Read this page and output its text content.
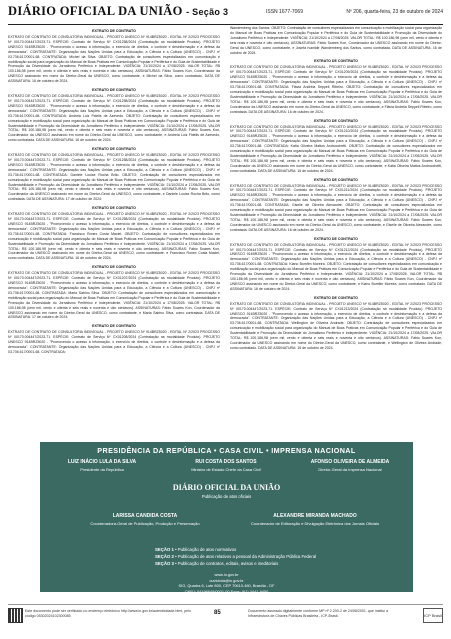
DIÁRIO OFICIAL DA UNIÃO - Seção 3	ISSN 1677-7069	Nº 206, quarta-feira, 23 de outubro de 2024
EXTRATO DE CONTRATO

EXTRATO DE CONTRATO DE CONSULTORIA INDIVIDUAL - PROJETO UNESCO Nº 914BRZ5020 - EDITAL Nº 2/2023 PROCESSO Nº 00170.004447/2023-71. ESPÉCIE: Contrato de Serviço Nº CX01258/2024 (Contratação na modalidade Produto). PROJETO UNESCO 914BRZ5020 - "Promovendo o acesso à informação, o exercício de direitos, o controle e desinformação e a defesa da democracia". CONTRATANTE: Organização das Nações Unidas para a Educação, a Ciência e a Cultura (UNESCO) - CNPJ nº 03.736.617/0001-68. CONTRATADA: Michel da Silva. OBJETO: Contratação de consultores especializados em comunicação e mobilização social para organização do Manual de Boas Práticas em Comunicação Popular e Periférica e do Guia de Sustentabilidade e Promoção da Diversidade do Jornalismo Periférico e Independente. VIGÊNCIA: 21/10/2024 a 17/08/2025. VALOR TOTAL: R$ 100.186,98 (cem mil, cento e oitenta e seis reais e noventa e oito centavos). ASSINATURAS: Fábio Soares Kon, Coordenador da UNESCO assinando em nome do Diretor-Geral da UNESCO, como contratante, e Michel da Silva, como contratado. DATA DE ASSINATURA: 16 de outubro de 2024.

EXTRATO DE CONTRATO

EXTRATO DE CONTRATO DE CONSULTORIA INDIVIDUAL - PROJETO UNESCO Nº 914BRZ5020 - EDITAL Nº 2/2023 PROCESSO Nº 00170.004447/2023-71. ESPÉCIE: Contrato de Serviço Nº CX01258/2024 (Contratação na modalidade Produto). PROJETO UNESCO 914BRZ5020 - "Promovendo o acesso à informação, o exercício de direitos, o controle e desinformação e a defesa da democracia". CONTRATANTE: Organização das Nações Unidas para a Educação, a Ciência e a Cultura (UNESCO) - CNPJ nº 03.736.617/0001-68. CONTRATADA: Andreia Luiz Fidelis de Azevedo. OBJETO: Contratação de consultores especializados em comunicação e mobilização social para organização do Manual de Boas Práticas em Comunicação Popular e Periférica e do Guia de Sustentabilidade e Promoção da Diversidade do Jornalismo Periférico e Independente. VIGÊNCIA: 21/10/2024 a 17/08/2025. VALOR TOTAL: R$ 100.186,98 (cem mil, cento e oitenta e seis reais e noventa e oito centavos). ASSINATURAS: Fábio Soares Kon, Coordenador da UNESCO assinando em nome do Diretor-Geral da UNESCO, como contratante, e Andreia Luiz Fidelis de Azevedo, como contratada. DATA DE ASSINATURA: 16 de outubro de 2024.

EXTRATO DE CONTRATO

EXTRATO DE CONTRATO DE CONSULTORIA INDIVIDUAL - PROJETO UNESCO Nº 914BRZ5020 - EDITAL Nº 2/2023 PROCESSO Nº 00170.004447/2023-71. ESPÉCIE: Contrato de Serviço Nº CX01258/2024 (Contratação na modalidade Produto). PROJETO UNESCO 914BRZ5020 - "Promovendo o acesso à informação, o exercício de direitos, o controle e desinformação e a defesa da democracia". CONTRATANTE: Organização das Nações Unidas para a Educação, a Ciência e a Cultura (UNESCO) - CNPJ nº 03.736.617/0001-68. CONTRATADA: Daniele Louise Rocha Brito. OBJETO: Contratação de consultores especializados em comunicação e mobilização social para organização do Manual de Boas Práticas em Comunicação Popular e Periférica e do Guia de Sustentabilidade e Promoção da Diversidade do Jornalismo Periférico e Independente. VIGÊNCIA: 21/10/2024 a 17/08/2025. VALOR TOTAL: R$ 100.186,98 (cem mil, cento e oitenta e seis reais e noventa e oito centavos). ASSINATURAS: Fábio Soares Kon, Coordenador da UNESCO assinando em nome do Diretor-Geral da UNESCO, como contratante, e Daniele Louise Rocha Brito, como contratada. DATA DE ASSINATURA: 17 de outubro de 2024.

EXTRATO DE CONTRATO

EXTRATO DE CONTRATO DE CONSULTORIA INDIVIDUAL - PROJETO UNESCO Nº 914BRZ5020 - EDITAL Nº 2/2023 PROCESSO Nº 00170.004447/2023-71. ESPÉCIE: Contrato de Serviço Nº CX01258/2024 (Contratação na modalidade Produto). PROJETO UNESCO 914BRZ5020 - "Promovendo o acesso à informação, o exercício de direitos, o controle e desinformação e a defesa da democracia". CONTRATANTE: Organização das Nações Unidas para a Educação, a Ciência e a Cultura (UNESCO) - CNPJ nº 03.736.617/0001-68. CONTRATADA: Francisco Ronex Costa Maciel. OBJETO: Contratação de consultores especializados em comunicação e mobilização social para organização do Manual de Boas Práticas em Comunicação Popular e Periférica e do Guia de Sustentabilidade e Promoção da Diversidade do Jornalismo Periférico e Independente. VIGÊNCIA: 21/10/2024 a 17/08/2025. VALOR TOTAL: R$ 100.186,98 (cem mil, cento e oitenta e seis reais e noventa e oito centavos). ASSINATURAS: Fábio Soares Kon, Coordenador da UNESCO assinando em nome do Diretor-Geral da UNESCO, como contratante, e Francisco Ronex Costa Maciel, como contratado. DATA DE ASSINATURA: 16 de outubro de 2024.

EXTRATO DE CONTRATO

EXTRATO DE CONTRATO DE CONSULTORIA INDIVIDUAL - PROJETO UNESCO Nº 914BRZ5020 - EDITAL Nº 2/2023 PROCESSO Nº 00170.004447/2023-71. ESPÉCIE: Contrato de Serviço Nº CX01207/2024 (Contratação na modalidade Produto). PROJETO UNESCO 914BRZ5020 - "Promovendo o acesso à informação, o exercício de direitos, o controle e desinformação e a defesa da democracia". CONTRATANTE: Organização das Nações Unidas para a Educação, a Ciência e a Cultura (UNESCO) - CNPJ nº 03.736.617/0001-68. CONTRATADA: Maria Sabino Silva. OBJETO: Contratação de consultores especializados em comunicação e mobilização social para organização do Manual de Boas Práticas em Comunicação Popular e Periférica e do Guia de Sustentabilidade e Promoção da Diversidade do Jornalismo Periférico e Independente. VIGÊNCIA: 21/10/2024 a 17/08/2025. VALOR TOTAL: R$ 100.186,98 (cem mil, cento e oitenta e seis reais e noventa e oito centavos). ASSINATURAS: Fábio Soares Kon, Coordenador da UNESCO assinando em nome do Diretor-Geral da UNESCO, como contratante, e Maria Sabino Silva, como contratada. DATA DE ASSINATURA: 17 de outubro de 2024.

EXTRATO DE CONTRATO

EXTRATO DE CONTRATO DE CONSULTORIA INDIVIDUAL - PROJETO UNESCO Nº 914BRZ5020 - EDITAL Nº 2/2023 PROCESSO Nº 00170.004447/2023-71. ESPÉCIE: Contrato de Serviço Nº CX01208/2024 (Contratação na modalidade Produto). PROJETO UNESCO 914BRZ5020 - "Promovendo o acesso à informação, o exercício de direitos, o controle e desinformação e a defesa da democracia". CONTRATANTE: Organização das Nações Unidas para a Educação, a Ciência e a Cultura (UNESCO) - CNPJ nº 03.736.617/0001-68. CONTRATADA:

Wandemberg dos Santos. OBJETO: Contratação de consultores especializados em comunicação e mobilização social para organização do Manual de Boas Práticas em Comunicação Popular e Periférica e do Guia de Sustentabilidade e Promoção da Diversidade do Jornalismo Periférico e Independente. VIGÊNCIA: 21/10/2024 a 17/08/2025. VALOR TOTAL: R$ 100.186,98 (cem mil, cento e oitenta e seis reais e noventa e oito centavos). ASSINATURAS: Fábio Soares Kon, Coordenador da UNESCO assinando em nome do Diretor-Geral da UNESCO, como contratante, e Josefa Ivanilde Wandemberg dos Santos, como contratada. DATA DE ASSINATURA: 16 de outubro de 2024.

EXTRATO DE CONTRATO

EXTRATO DE CONTRATO DE CONSULTORIA INDIVIDUAL - PROJETO UNESCO Nº 914BRZ5020 - EDITAL Nº 2/2023 PROCESSO Nº 00170.004447/2023-71. ESPÉCIE: Contrato de Serviço Nº CX01209/2024 (Contratação na modalidade Produto). PROJETO UNESCO 914BRZ5020 - "Promovendo o acesso à informação, o exercício de direitos, o controle e desinformação e a defesa da democracia". CONTRATANTE: Organização das Nações Unidas para a Educação, a Ciência e a Cultura (UNESCO) - CNPJ nº 03.736.617/0001-68. CONTRATADA: Flávia Andréia Seppeli Ribeiro. OBJETO: Contratação de consultores especializados em comunicação e mobilização social para organização do Manual de Boas Práticas em Comunicação Popular e Periférica e do Guia de Sustentabilidade e Promoção da Diversidade do Jornalismo Periférico e Independente. VIGÊNCIA: 21/10/2024 a 17/08/2025. VALOR TOTAL: R$ 100.186,98 (cem mil, cento e oitenta e seis reais e noventa e oito centavos). ASSINATURAS: Fábio Soares Kon, Coordenador da UNESCO assinando em nome do Diretor-Geral da UNESCO, como contratante, e Flávia Andréia Seppeli Ribeiro, como contratada. DATA DE ASSINATURA: 16 de outubro de 2024.

EXTRATO DE CONTRATO

EXTRATO DE CONTRATO DE CONSULTORIA INDIVIDUAL - PROJETO UNESCO Nº 914BRZ5020 - EDITAL Nº 2/2023 PROCESSO Nº 00170.004447/2023-71. ESPÉCIE: Contrato de Serviço Nº CX01210/2024 (Contratação na modalidade Produto). PROJETO UNESCO 914BRZ5020 - "Promovendo o acesso à informação, o exercício de direitos, o controle e desinformação e a defesa da democracia". CONTRATANTE: Organização das Nações Unidas para a Educação, a Ciência e a Cultura (UNESCO) - CNPJ nº 03.736.617/0001-68. CONTRATADA: Katia Oliveira Mattos Andrucchetti. OBJETO: Contratação de consultores especializados em comunicação e mobilização social para organização do Manual de Boas Práticas em Comunicação Popular e Periférica e do Guia de Sustentabilidade e Promoção da Diversidade do Jornalismo Periférico e Independente. VIGÊNCIA: 21/10/2024 a 17/08/2025. VALOR TOTAL: R$ 100.186,98 (cem mil, cento e oitenta e seis reais e noventa e oito centavos). ASSINATURAS: Fábio Soares Kon, Coordenador da UNESCO assinando em nome do Diretor-Geral da UNESCO, como contratante, e Katia Oliveira Mattos Andrucchetti, como contratada. DATA DE ASSINATURA: 16 de outubro de 2024.

EXTRATO DE CONTRATO

EXTRATO DE CONTRATO DE CONSULTORIA INDIVIDUAL - PROJETO UNESCO Nº 914BRZ5020 - EDITAL Nº 2/2023 PROCESSO Nº 00170.004447/2023-71. ESPÉCIE: Contrato de Serviço Nº CX01211/2024 (Contratação na modalidade Produto). PROJETO UNESCO 914BRZ5020 - "Promovendo o acesso à informação, o exercício de direitos, o controle e desinformação e a defesa da democracia". CONTRATANTE: Organização das Nações Unidas para a Educação, a Ciência e a Cultura (UNESCO) - CNPJ nº 03.736.617/0001-68. CONTRATADA: Giselle de Oliveira Alexandre. OBJETO: Contratação de consultores especializados em comunicação e mobilização social para organização do Manual de Boas Práticas em Comunicação Popular e Periférica e do Guia de Sustentabilidade e Promoção da Diversidade do Jornalismo Periférico e Independente. VIGÊNCIA: 21/10/2024 a 17/08/2025. VALOR TOTAL: R$ 100.186,98 (cem mil, cento e oitenta e seis reais e noventa e oito centavos). ASSINATURAS: Fábio Soares Kon, Coordenador da UNESCO assinando em nome do Diretor-Geral da UNESCO, como contratante, e Giselle de Oliveira Alexandre, como contratada. DATA DE ASSINATURA: 16 de outubro de 2024.

EXTRATO DE CONTRATO

EXTRATO DE CONTRATO DE CONSULTORIA INDIVIDUAL - PROJETO UNESCO Nº 914BRZ5020 - EDITAL Nº 2/2023 PROCESSO Nº 00170.004447/2023-71. ESPÉCIE: Contrato de Serviço Nº CX01212/2024 (Contratação na modalidade Produto). PROJETO UNESCO 914BRZ5020 - "Promovendo o acesso à informação, o exercício de direitos, o controle e desinformação e a defesa da democracia". CONTRATANTE: Organização das Nações Unidas para a Educação, a Ciência e a Cultura (UNESCO) - CNPJ nº 03.736.617/0001-68. CONTRATADA: Kiano Bomfim Moreira. OBJETO: Contratação de consultores especializados em comunicação e mobilização social para organização do Manual de Boas Práticas em Comunicação Popular e Periférica e do Guia de Sustentabilidade e Promoção da Diversidade do Jornalismo Periférico e Independente. VIGÊNCIA: 21/10/2024 a 17/08/2025. VALOR TOTAL: R$ 100.186,98 (cem mil, cento e oitenta e seis reais e noventa e oito centavos). ASSINATURAS: Fábio Soares Kon, Coordenador da UNESCO assinando em nome do Diretor-Geral da UNESCO, como contratante, e Kiano Bomfim Moreira, como contratado. DATA DE ASSINATURA: 16 de outubro de 2024.

EXTRATO DE CONTRATO

EXTRATO DE CONTRATO DE CONSULTORIA INDIVIDUAL - PROJETO UNESCO Nº 914BRZ5020 - EDITAL Nº 2/2023 PROCESSO Nº 00170.004447/2023-71. ESPÉCIE: Contrato de Serviço Nº CX01213/2024 (Contratação na modalidade Produto). PROJETO UNESCO 914BRZ5020 - "Promovendo o acesso à informação, o exercício de direitos, o controle e desinformação e a defesa da democracia". CONTRATANTE: Organização das Nações Unidas para a Educação, a Ciência e a Cultura (UNESCO) - CNPJ nº 03.736.617/0001-68. CONTRATADA: Wellington de Oliveira Andrade. OBJETO: Contratação de consultores especializados em comunicação e mobilização social para organização do Manual de Boas Práticas em Comunicação Popular e Periférica e do Guia de Sustentabilidade e Promoção da Diversidade do Jornalismo Periférico e Independente. VIGÊNCIA: 21/10/2024 a 17/08/2025. VALOR TOTAL: R$ 100.186,98 (cem mil, cento e oitenta e seis reais e noventa e oito centavos). ASSINATURAS: Fábio Soares Kon, Coordenador da UNESCO assinando em nome do Diretor-Geral da UNESCO, como contratante, e Wellington de Oliveira Andrade, como contratado. DATA DE ASSINATURA: 16 de outubro de 2024.

PRESIDÊNCIA DA REPÚBLICA • CASA CIVIL • IMPRENSA NACIONAL
LUIZ INÁCIO LULA DA SILVA
Presidente da República
RUI COSTA DOS SANTOS
Ministro de Estado Chefe da Casa Civil
AFONSO OLIVEIRA DE ALMEIDA
Diretor-Geral da Imprensa Nacional
DIÁRIO OFICIAL DA UNIÃO
Publicação de atos oficiais
LARISSA CANDIDA COSTA
Coordenadora-Geral de Publicação, Produção e Preservação
ALEXANDRE MIRANDA MACHADO
Coordenador de Editoração e Divulgação Eletrônica dos Jornais Oficiais
SEÇÃO 1 • Publicação de atos normativos
SEÇÃO 2 • Publicação de atos relativos a pessoal da Administração Pública Federal
SEÇÃO 3 • Publicação de contratos, editais, avisos e ineditoriais
www.in.gov.br
ouvidoria@in.gov.br
SIG, Quadra 6, Lote 800, CEP 70610-460, Brasília - DF
CNPJ: 04196645/0001-00 Fone: (61) 3441-9450
Este documento pode ser verificado no endereço eletrônico http://www.in.gov.br/autenticidade.html, pelo código 05302024102300085	85	Documento assinado digitalmente conforme MP nº 2.200-2 de 24/08/2001, que institui a Infraestrutura de Chaves Públicas Brasileira - ICP-Brasil.	ICP Brasil
